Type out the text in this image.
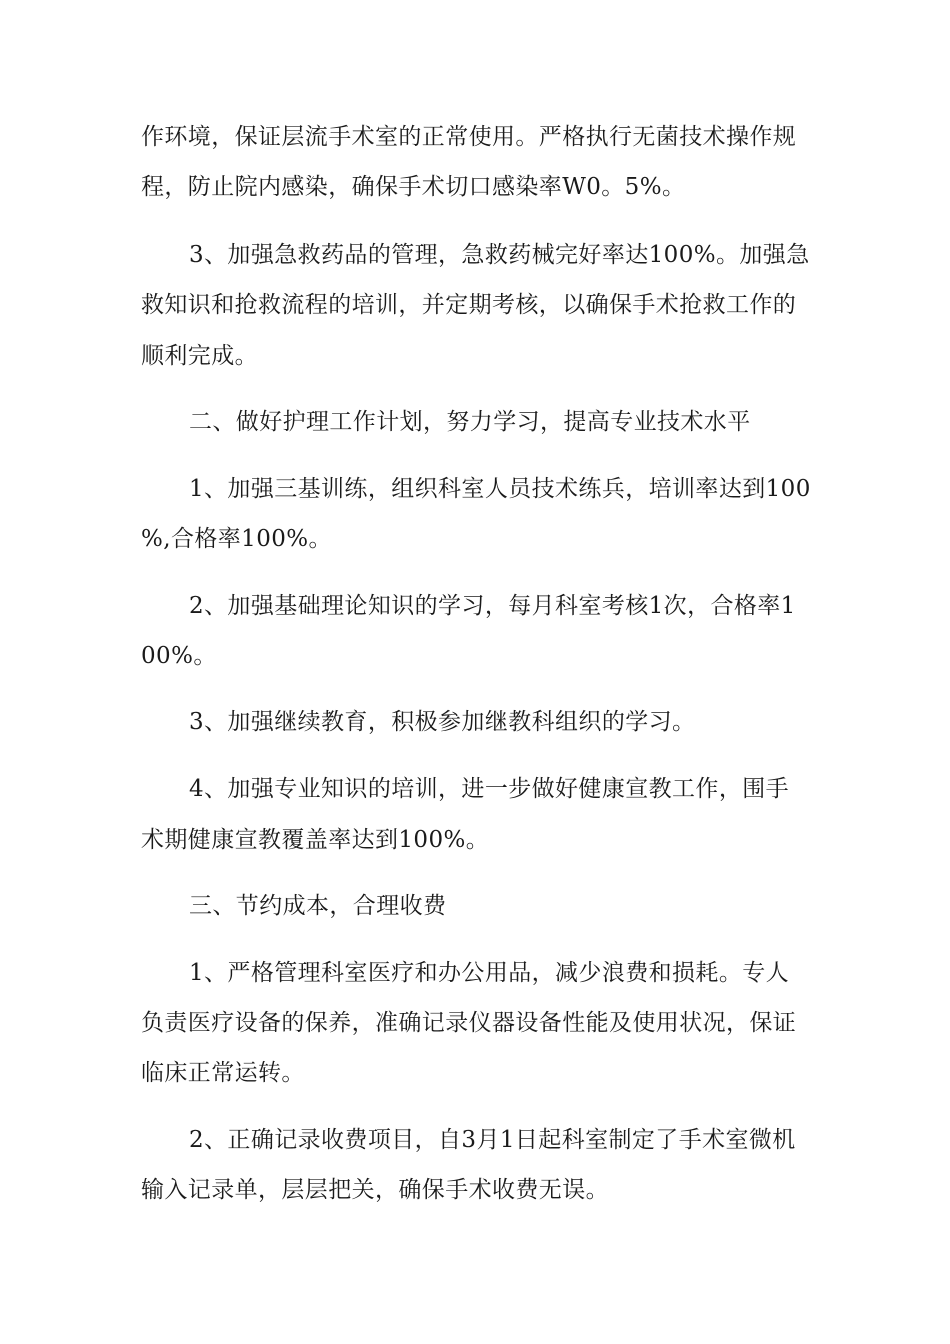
作环境，保证层流手术室的正常使用。严格执行无菌技术操作规
程，防止院内感染，确保手术切口感染率W0。5%。
3、加强急救药品的管理，急救药械完好率达100%。加强急
救知识和抢救流程的培训，并定期考核，以确保手术抢救工作的
顺利完成。
二、做好护理工作计划，努力学习，提高专业技术水平
1、加强三基训练，组织科室人员技术练兵，培训率达到100
%,合格率100%。
2、加强基础理论知识的学习，每月科室考核1次，合格率1
00%。
3、加强继续教育，积极参加继教科组织的学习。
4、加强专业知识的培训，进一步做好健康宣教工作，围手
术期健康宣教覆盖率达到100%。
三、节约成本，合理收费
1、严格管理科室医疗和办公用品，减少浪费和损耗。专人
负责医疗设备的保养，准确记录仪器设备性能及使用状况，保证
临床正常运转。
2、正确记录收费项目，自3月1日起科室制定了手术室微机
输入记录单，层层把关，确保手术收费无误。
